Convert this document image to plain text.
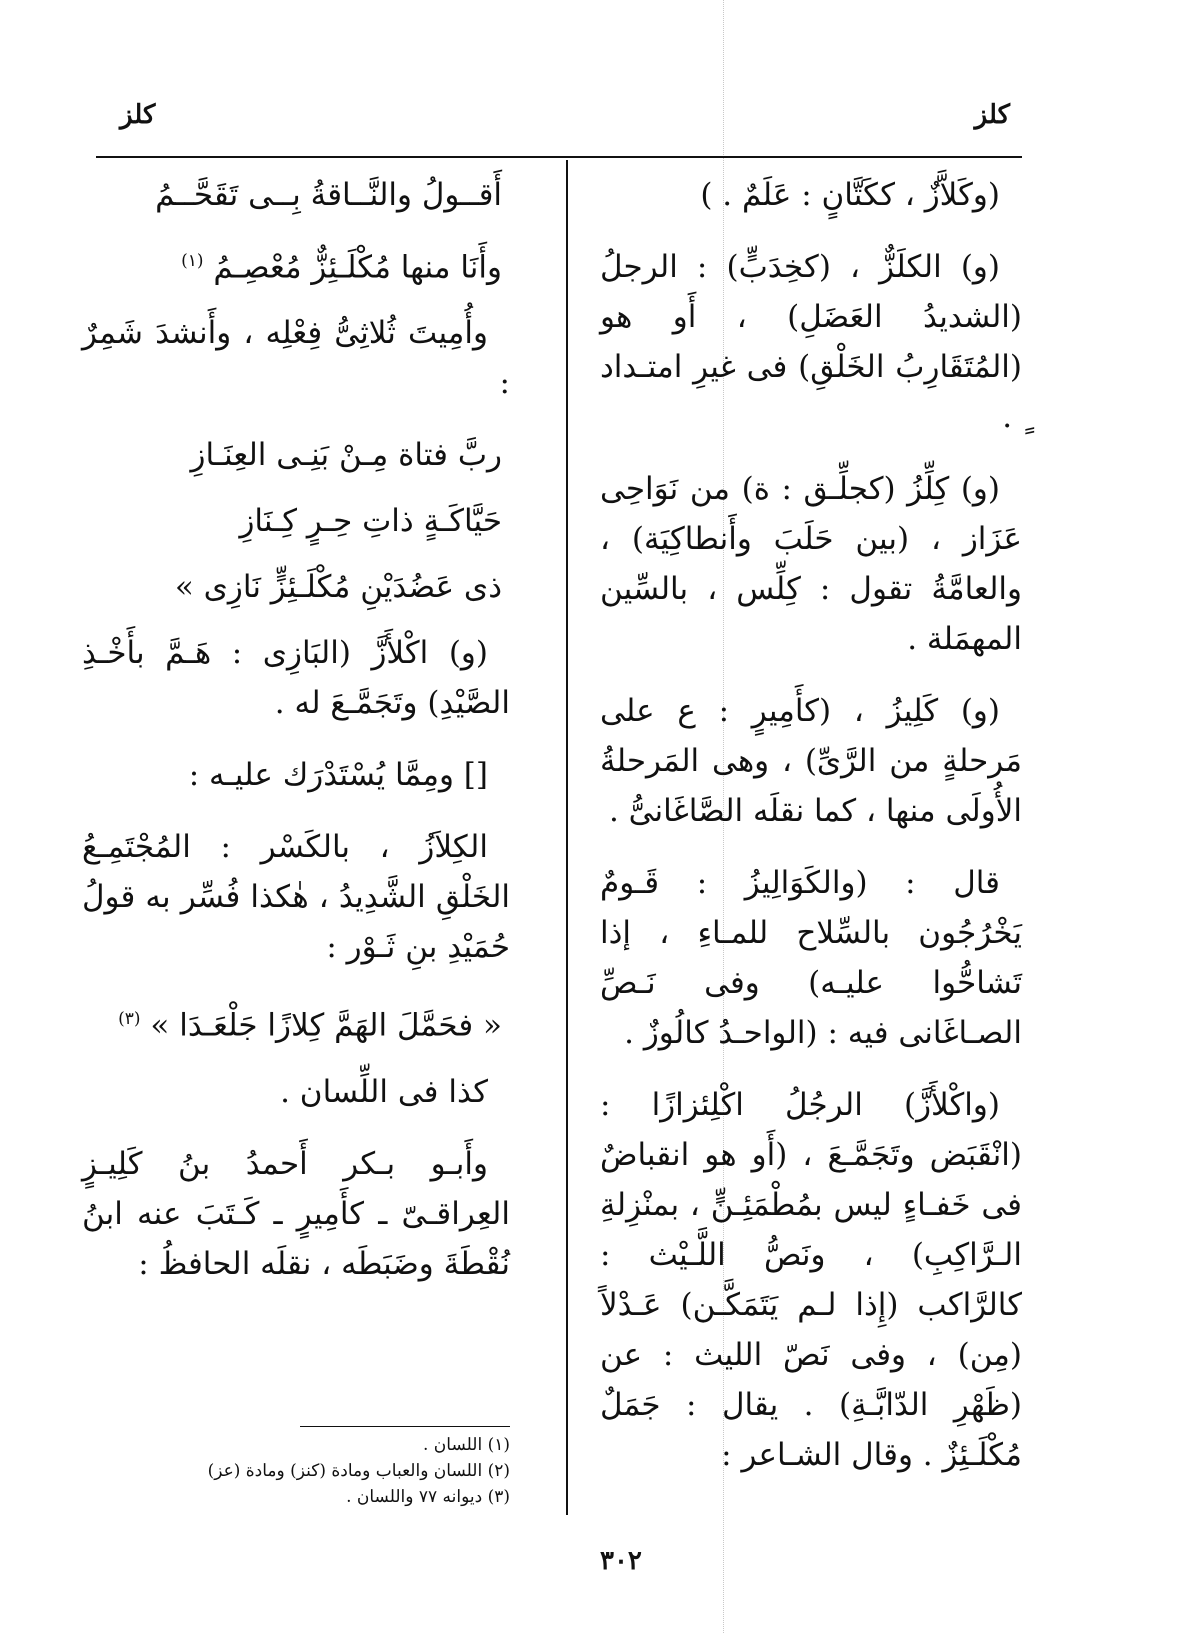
كلز
كلز

(وكَلاَّزٌ ، ككَتَّانٍ : عَلَمٌ . )

(و) الكلَزٌّ ، (كخِدَبٍّ) : الرجلُ (الشديدُ العَضَلِ) ، أَو هو (المُتَقَارِبُ الخَلْقِ) فى غيرِ امتـداد ٍ .

(و) كِلِّزُ (كجلِّـق : ة) من نَوَاحِى عَزَاز ، (بين حَلَبَ وأَنطاكِيَة) ، والعامَّةُ تقول : كِلِّس ، بالسِّين المهمَلة .

(و) كَلِيزُ ، (كأَمِيرٍ : ع على مَرحلةٍ من الرَّىِّ) ، وهى المَرحلةُ الأُولَى منها ، كما نقلَه الصَّاغَانىُّ .

قال : (والكَوَالِيزُ : قَـومٌ يَخْرُجُون بالسِّلاح للمـاءِ ، إذا تَشاحُّوا عليـه) وفى نَـصِّ الصـاغَانى فيه : (الواحـدُ كالُوزٌ .

(واكْلأَزَّ) الرجُلُ اكْلِئزازًا : (انْقَبَض وتَجَمَّـعَ ، (أَو هو انقباضٌ فى خَفـاءٍ ليس بمُطْمَئِـنٍّ ، بمنْزِلةِ الـرَّاكِبِ) ، ونَصُّ اللَّـيْث : كالرَّاكب (إِذا لـم يَتَمَكَّـن) عَـدْلاً (مِن) ، وفى نَصّ الليث : عن (ظَهْرِ الدّابَّـةِ) . يقال : جَمَلٌ مُكْلَـئِزٌ . وقال الشـاعر :

أَقــولُ والنَّــاقةُ بِــى تَقَحَّــمُ

وأَنَا منها مُكْلَـئِزٌّ مُعْصِـمُ $^{(١)}$

وأُمِيتَ ثُلاثِىُّ فِعْلِه ، وأَنشدَ شَمِرٌ :

ربَّ فتاة مِـنْ بَنِـى العِنَـازِ

حَيَّاكَـةٍ ذاتِ حِـرٍ كِـنَازِ

ذى عَضُدَيْنِ مُكْلَـئِزٍّ نَازِى »

(و) اكْلأَزَّ (البَازِى : هَـمَّ بأَخْـذِ الصَّيْدِ) وتَجَمَّـعَ له .

[] ومِمَّا يُسْتَدْرَك عليـه :

الكِلاَزُ ، بالكَسْر : المُجْتَمِـعُ الخَلْقِ الشَّدِيدُ ، هٰكذا فُسِّر به قولُ حُمَيْدِ بنِ ثَـوْر :

« فحَمَّلَ الهَمَّ كِلازًا جَلْعَـدَا » $^{(٣)}$

كذا فى اللِّسان .

وأَبـو بـكر أَحمدُ بنُ كَلِيـزٍ العِراقـىّ ـ كأَمِيرٍ ـ كَـتَبَ عنه ابنُ نُقْطَةَ وضَبَطَه ، نقلَه الحافظُ :

(١) اللسان .

(٢) اللسان والعباب ومادة (كنز) ومادة (عز)

(٣) ديوانه ٧٧ واللسان .

٣٠٢
